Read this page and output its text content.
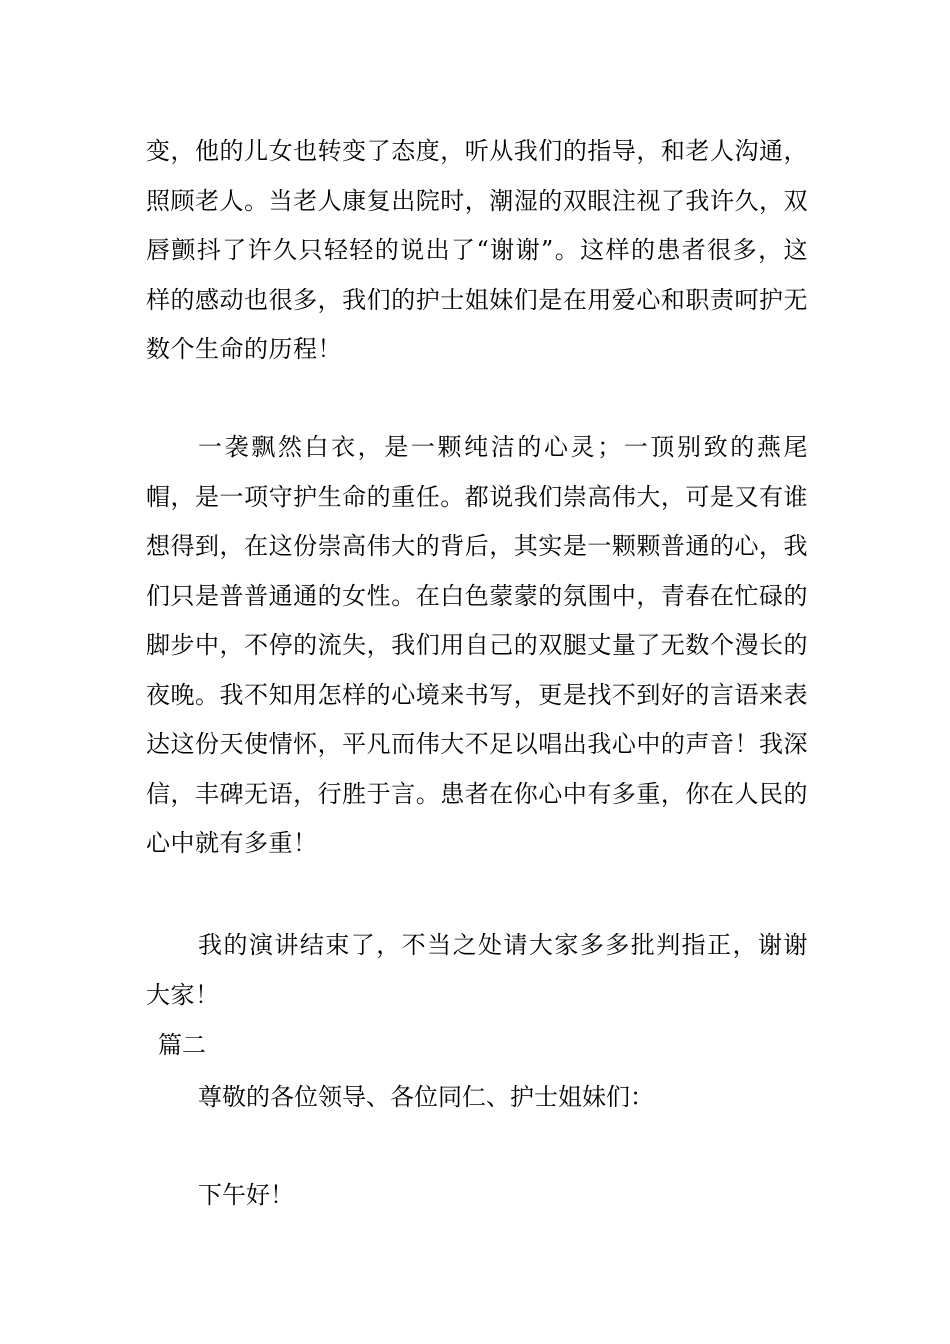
变，他的儿女也转变了态度，听从我们的指导，和老人沟通，照顾老人。当老人康复出院时，潮湿的双眼注视了我许久，双唇颤抖了许久只轻轻的说出了“谢谢”。这样的患者很多，这样的感动也很多，我们的护士姐妹们是在用爱心和职责呵护无数个生命的历程！

一袭飘然白衣，是一颗纯洁的心灵；一顶别致的燕尾帽，是一项守护生命的重任。都说我们崇高伟大，可是又有谁想得到，在这份崇高伟大的背后，其实是一颗颗普通的心，我们只是普普通通的女性。在白色蒙蒙的氛围中，青春在忙碌的脚步中，不停的流失，我们用自己的双腿丈量了无数个漫长的夜晚。我不知用怎样的心境来书写，更是找不到好的言语来表达这份天使情怀，平凡而伟大不足以唱出我心中的声音！我深信，丰碑无语，行胜于言。患者在你心中有多重，你在人民的心中就有多重！

我的演讲结束了，不当之处请大家多多批判指正，谢谢大家！

篇二

尊敬的各位领导、各位同仁、护士姐妹们：

下午好！
